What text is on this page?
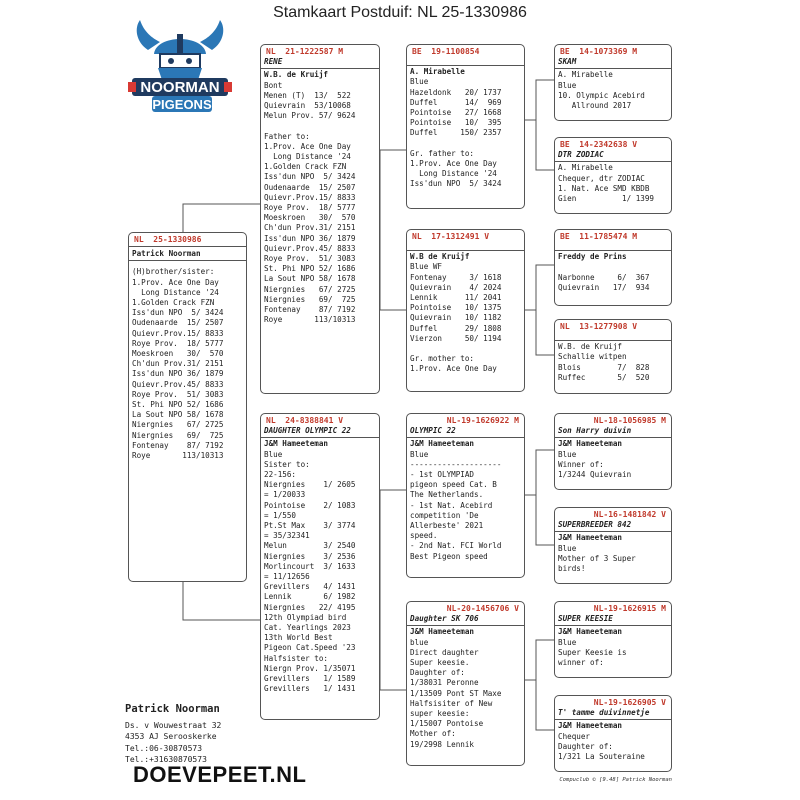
Stamkaart Postduif: NL 25-1330986
NOORMAN
PIGEONS
NL  25-1330986
Patrick Noorman
(H)brother/sister:
1.Prov. Ace One Day
Long Distance '24
1.Golden Crack FZN
Iss'dun NPO  5/ 3424
Oudenaarde  15/ 2507
Quievr.Prov.15/ 8833
Roye Prov.  18/ 5777
Moeskroen   30/  570
Ch'dun Prov.31/ 2151
Iss'dun NPO 36/ 1879
Quievr.Prov.45/ 8833
Roye Prov.  51/ 3083
St. Phi NPO 52/ 1686
La Sout NPO 58/ 1678
Niergnies   67/ 2725
Niergnies   69/  725
Fontenay    87/ 7192
Roye       113/10313
NL  21-1222587 M
RENE
W.B. de Kruijf
Bont
Menen (T)  13/  522
Quievrain  53/10068
Melun Prov. 57/ 9624

Father to:
1.Prov. Ace One Day
Long Distance '24
1.Golden Crack FZN
Iss'dun NPO  5/ 3424
Oudenaarde  15/ 2507
Quievr.Prov.15/ 8833
Roye Prov.  18/ 5777
Moeskroen   30/  570
Ch'dun Prov.31/ 2151
Iss'dun NPO 36/ 1879
Quievr.Prov.45/ 8833
Roye Prov.  51/ 3083
St. Phi NPO 52/ 1686
La Sout NPO 58/ 1678
Niergnies   67/ 2725
Niergnies   69/  725
Fontenay    87/ 7192
Roye       113/10313
NL  24-8388841 V
DAUGHTER OLYMPIC 22
J&M Hameeteman
Blue
Sister to:
22-156:
Niergnies    1/ 2605
= 1/20033
Pointoise    2/ 1083
= 1/550
Pt.St Max    3/ 3774
= 35/32341
Melun        3/ 2540
Niergnies    3/ 2536
Morlincourt  3/ 1633
= 11/12656
Grevillers   4/ 1431
Lennik       6/ 1982
Niergnies   22/ 4195
12th Olympiad bird
Cat. Yearlings 2023
13th World Best
Pigeon Cat.Speed '23
Halfsister to:
Niergn Prov. 1/35071
Grevillers   1/ 1589
Grevillers   1/ 1431
BE  19-1100854
A. Mirabelle
Blue
Hazeldonk   20/ 1737
Duffel      14/  969
Pointoise   27/ 1668
Pointoise   10/  395
Duffel     150/ 2357

Gr. father to:
1.Prov. Ace One Day
Long Distance '24
Iss'dun NPO  5/ 3424
NL  17-1312491 V
W.B de Kruijf
Blue WF
Fontenay     3/ 1618
Quievrain    4/ 2024
Lennik      11/ 2041
Pointoise   10/ 1375
Quievrain   10/ 1182
Duffel      29/ 1808
Vierzon     50/ 1194

Gr. mother to:
1.Prov. Ace One Day
NL-19-1626922 M
OLYMPIC 22
J&M Hameeteman
Blue
--------------------
- 1st OLYMPIAD
pigeon speed Cat. B
The Netherlands.
- 1st Nat. Acebird
competition 'De
Allerbeste' 2021
speed.
- 2nd Nat. FCI World
Best Pigeon speed
NL-20-1456706 V
Daughter SK 706
J&M Hameeteman
blue
Direct daughter
Super keesie.
Daughter of:
1/38031 Peronne
1/13509 Pont ST Maxe
Halfsisiter of New
super keesie:
1/15007 Pontoise
Mother of:
19/2998 Lennik
BE  14-1073369 M
SKAM
A. Mirabelle
Blue
10. Olympic Acebird
Allround 2017
BE  14-2342638 V
DTR ZODIAC
A. Mirabelle
Chequer, dtr ZODIAC
1. Nat. Ace SMD KBDB
Gien          1/ 1399
BE  11-1785474 M
Freddy de Prins

Narbonne     6/  367
Quievrain   17/  934
NL  13-1277908 V
W.B. de Kruijf
Schallie witpen
Blois        7/  828
Ruffec       5/  520
NL-18-1056985 M
Son Harry duivin
J&M Hameeteman
Blue
Winner of:
1/3244 Quievrain
NL-16-1481842 V
SUPERBREEDER 842
J&M Hameeteman
Blue
Mother of 3 Super
birds!
NL-19-1626915 M
SUPER KEESIE
J&M Hameeteman
Blue
Super Keesie is
winner of:
NL-19-1626905 V
T' tamme duivinnetje
J&M Hameeteman
Chequer
Daughter of:
1/321 La Souteraine
Patrick Noorman
Ds. v Wouwestraat 32
4353 AJ Serooskerke
Tel.:06-30870573
Tel.:+31630870573
DOEVEPEET.NL	Compuclub © [9.48] Patrick Noorman
